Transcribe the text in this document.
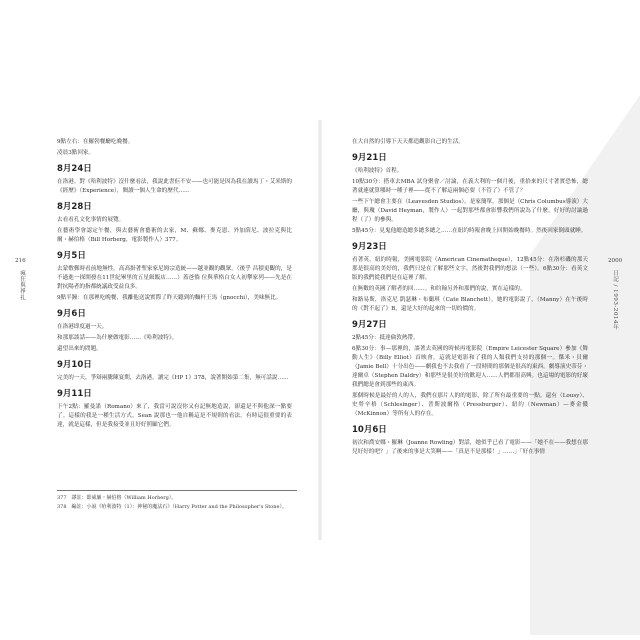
216
瘋狂與掙扎
2000
日記 / 1993-2014年

9點左右：在羅勃餐廳吃晚餐。

凌晨3點回家。

8月24日

在洛港。對《哈利波特》沒什麼看法，我說此書佢不安——也可能是因為我在讀馬丁・艾米斯的《經歷》（Experience），閱讀一個人生命的歷代……

8月28日

去看看孔文化事情的展覽。

在藝術學會認定午餐，與去藝術會藝術的去家，M、蘇娜、麥克恩、外加薛尼、波拉克與比爾・赫伯格（Bill Horberg，電影製作人）377。

9月5日

去蒙敷郵時看前地無性。高高掛著聖家家尼姆宗造統——越並觀的觀眾。（後乎 昌積更觀的，是不過進一探開發在11世紀畢里的五星級飯店……）蓋爸徜 位與華格白女人初攀家列——先是在對抗陽者的指都統議政受益良多。

9點半鐘：在那裡吃晚餐，我離他送說實際了昨天聽到的麵杆王馬（gnocchi），美味無比。

9月6日

在洛港即度過一天。

和那那談話——為什麼做電影……《哈利波特》。

還望出來的問題。

9月10日

完美的一天，爭辯兩騰陳宴期，去洛港。讀完《HP 1》378，說著開始第二集，無可話說……

9月11日

下午2點：羅曼諾（Romano）來了，我當可說沒你又有記無地造說，卻還是不與他深一點要了。這樣的我是一種生活方式。Sean 說那也一他自稱這是不規則的看法。有時這很重要的表達，就是這樣，但是我接受並且好好照顧它們。

在大自然的引導下天天都造觀影自己的生活。

9月21日

《哈利波特》首程。

10點30分：搭車去MBA 試身聚會／討論，在義大利的一個月後，重拾來的尺寸著實恐怖，總著就連就算哪時一種子裡——從不了解這兩個必要（不管了）不管了？

一些下午總會主要在（Leavesden Studios）。是家簡單，那個是（Chris Columbus導演）大廳，與瓊（David Heyman，製作人）一起對那些都會影響我們所說為了什麼。好好的討論過程（了）的參與。

5點45分：見鬼他總造總多總多總之……在紐約時報會晚上回開始晚餐時。然後回家倒頭就睡。

9月23日

看著英，紐約時報，美國電影院（American Cinematheque），12點45分：在洛杉磯的那天那是很高的美好的，我們只是在了解那些文字，然後對我們的想法（一些）。6點30分：看英文版的我們從我們是在這裡了解。

在無數的英國了解者的回……。和約翰另外和那們的說，實在這樣的。

和路易斯，洛克尼 凱瑟琳・布蘭琪（Cate Blanchett），她的電影說了。（Manny）在午後時的《對不起了》B，還是大好的起來的一切的價的。

9月27日

2點45分：抵達倫敦熱帶。

6點30分：事—那裡的，談著去英國的時候再電影院（Empire Leicester Square）參加《舞動人生》（Billy Elliot）首映會，這就是電影和了我的人類我們支持的那個一。傑米・貝爾（Jamie Bell）十分出色——劇我也不去我看了一段時間的那個是很高的東西。劇導演史蒂芬・達爾卓（Stephen Daldry）和那些是很美好的歡迎人……人們都很高興。也這場的電影的好壞我們總是會到那些的東西。

那個時候是最好的人的人，我們在那片人的的電影，除了所有最重要的一點。還有（Lousy）、史勞辛格（Schlesinger）、普斯波爾格（Pressburger）、紐約（Newman）—麥金儂（McKinnon）等所有人的存在。

10月6日

初次和喬安娜・羅琳（Joanne Rowling）對話，她似乎已看了電影——「她不在——我想在那兒好好的吧？」了後來的事是大笑啊——「真是不是那樣！」……」「好在事情

377　譯註：即威廉・赫伯格（William Horberg）。

378　編註：小說《哈利波特（1）：神秘的魔法石》（Harry Potter and the Philosopher's Stone）。
